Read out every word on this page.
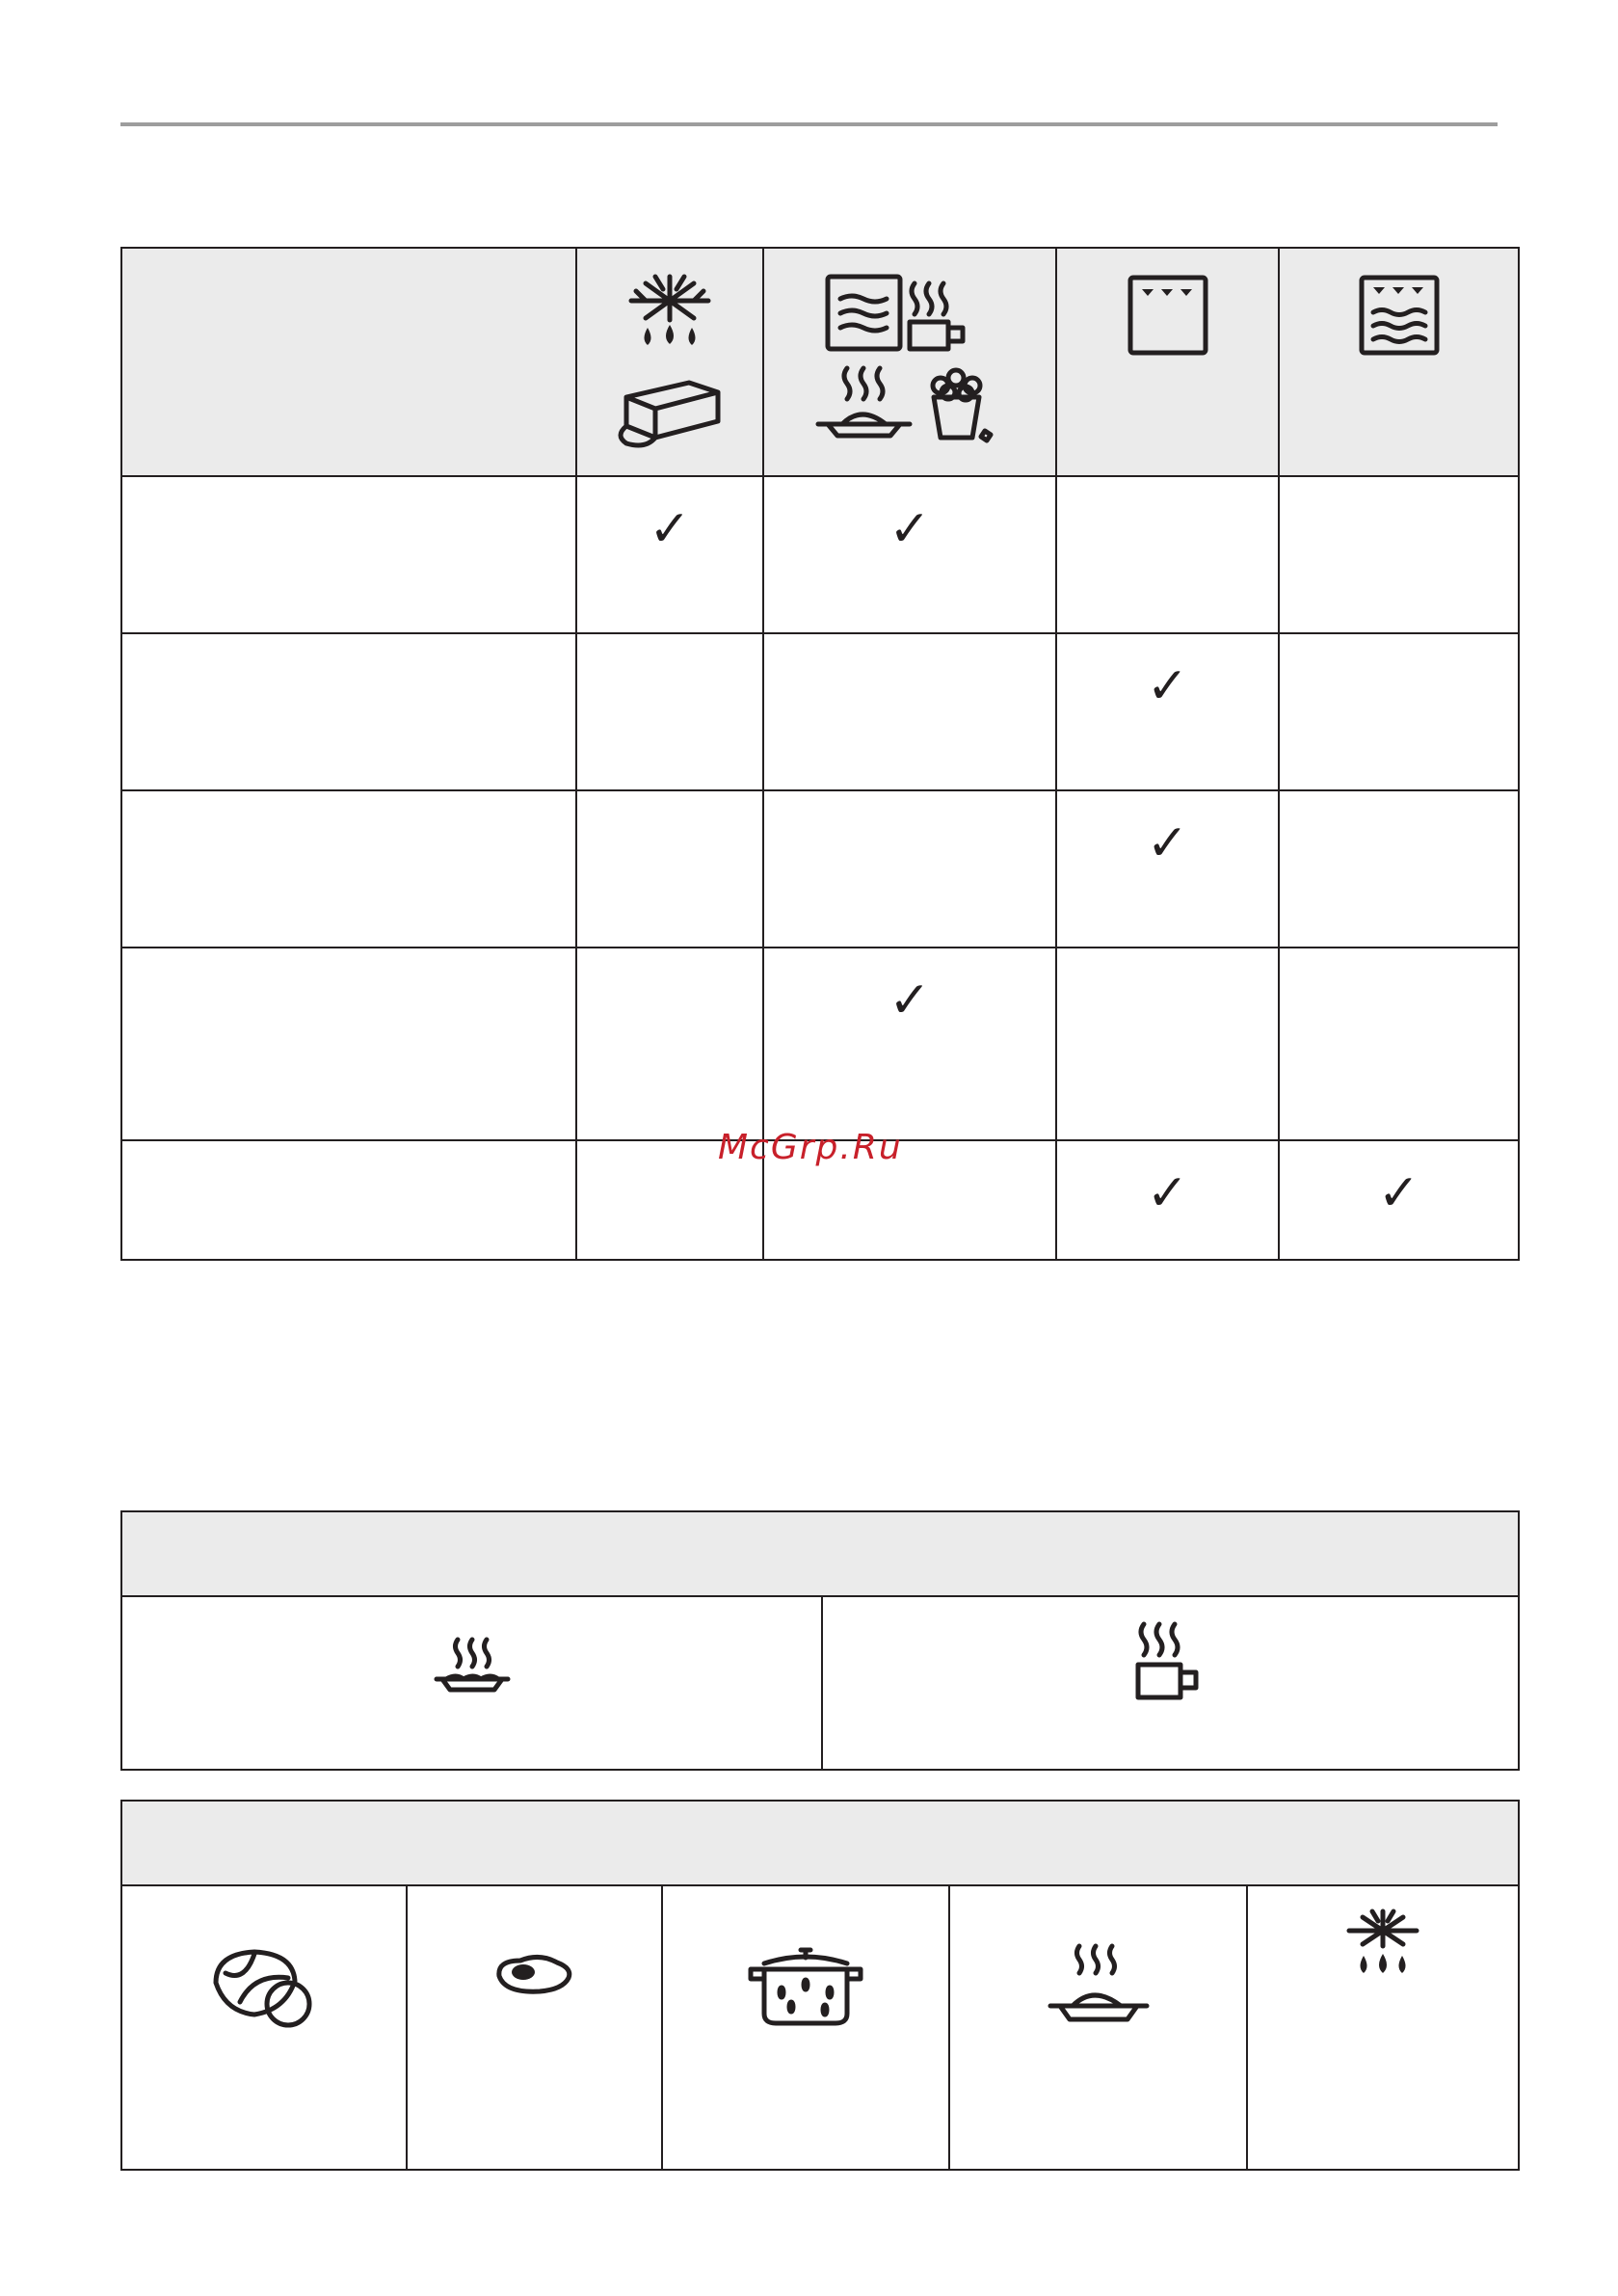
	✓	✓		

			✓	

			✓	

		✓		

			✓	✓
McGrp.Ru
